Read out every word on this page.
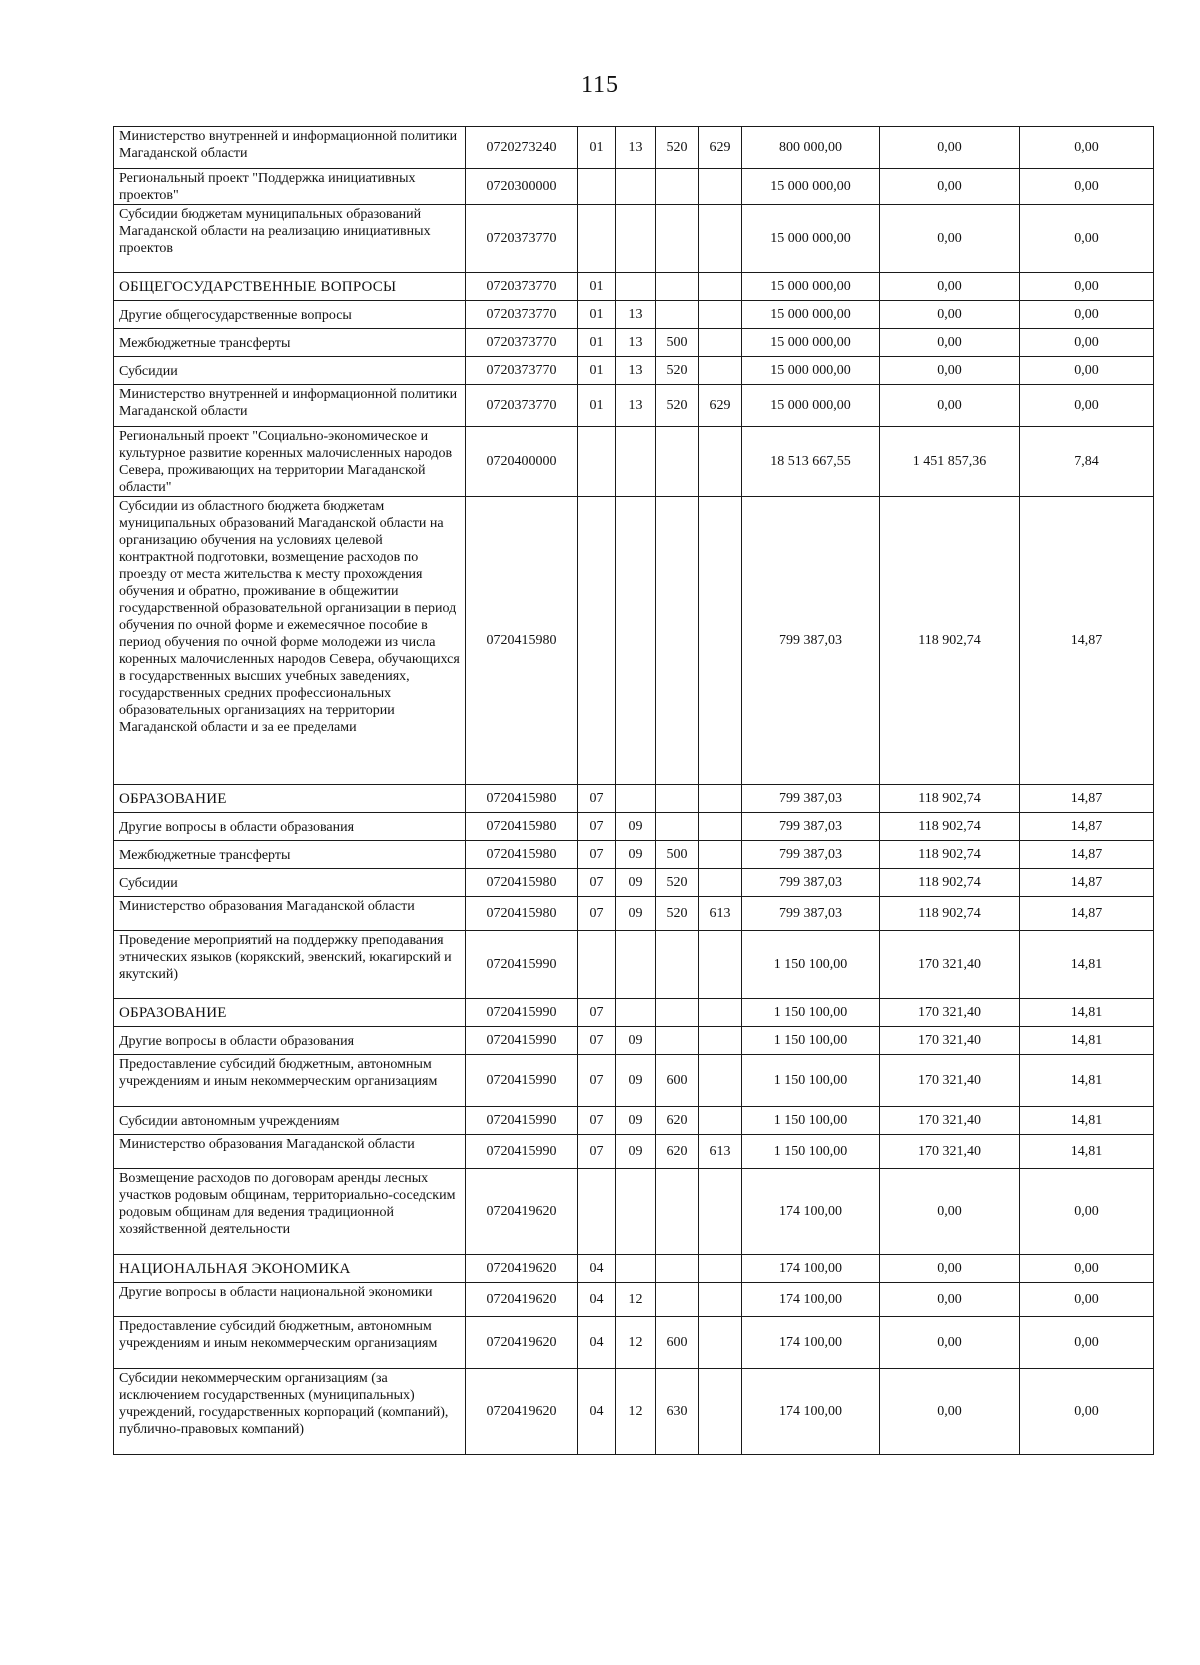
115
Министерство внутренней и информационной политики Магаданской области	0720273240	01	13	520	629	800 000,00	0,00	0,00
Региональный проект "Поддержка инициативных проектов"	0720300000					15 000 000,00	0,00	0,00
Субсидии бюджетам муниципальных образований Магаданской области на реализацию инициативных проектов	0720373770					15 000 000,00	0,00	0,00
ОБЩЕГОСУДАРСТВЕННЫЕ ВОПРОСЫ	0720373770	01				15 000 000,00	0,00	0,00
Другие общегосударственные вопросы	0720373770	01	13			15 000 000,00	0,00	0,00
Межбюджетные трансферты	0720373770	01	13	500		15 000 000,00	0,00	0,00
Субсидии	0720373770	01	13	520		15 000 000,00	0,00	0,00
Министерство внутренней и информационной политики Магаданской области	0720373770	01	13	520	629	15 000 000,00	0,00	0,00
Региональный проект "Социально-экономическое и культурное развитие коренных малочисленных народов Севера, проживающих на территории Магаданской области"	0720400000					18 513 667,55	1 451 857,36	7,84
Субсидии из областного бюджета бюджетам муниципальных образований Магаданской области на организацию обучения на условиях целевой контрактной подготовки, возмещение расходов по проезду от места жительства к месту прохождения обучения и обратно, проживание в общежитии государственной образовательной организации в период обучения по очной форме и ежемесячное пособие в период обучения по очной форме молодежи из числа коренных малочисленных народов Севера, обучающихся в государственных высших учебных заведениях, государственных средних профессиональных образовательных организациях на территории Магаданской области и за ее пределами	0720415980					799 387,03	118 902,74	14,87
ОБРАЗОВАНИЕ	0720415980	07				799 387,03	118 902,74	14,87
Другие вопросы в области образования	0720415980	07	09			799 387,03	118 902,74	14,87
Межбюджетные трансферты	0720415980	07	09	500		799 387,03	118 902,74	14,87
Субсидии	0720415980	07	09	520		799 387,03	118 902,74	14,87
Министерство образования Магаданской области	0720415980	07	09	520	613	799 387,03	118 902,74	14,87
Проведение мероприятий на поддержку преподавания этнических языков (корякский, эвенский, юкагирский и якутский)	0720415990					1 150 100,00	170 321,40	14,81
ОБРАЗОВАНИЕ	0720415990	07				1 150 100,00	170 321,40	14,81
Другие вопросы в области образования	0720415990	07	09			1 150 100,00	170 321,40	14,81
Предоставление субсидий бюджетным, автономным учреждениям и иным некоммерческим организациям	0720415990	07	09	600		1 150 100,00	170 321,40	14,81
Субсидии автономным учреждениям	0720415990	07	09	620		1 150 100,00	170 321,40	14,81
Министерство образования Магаданской области	0720415990	07	09	620	613	1 150 100,00	170 321,40	14,81
Возмещение расходов по договорам аренды лесных участков родовым общинам, территориально-соседским родовым общинам для ведения традиционной хозяйственной деятельности	0720419620					174 100,00	0,00	0,00
НАЦИОНАЛЬНАЯ ЭКОНОМИКА	0720419620	04				174 100,00	0,00	0,00
Другие вопросы в области национальной экономики	0720419620	04	12			174 100,00	0,00	0,00
Предоставление субсидий бюджетным, автономным учреждениям и иным некоммерческим организациям	0720419620	04	12	600		174 100,00	0,00	0,00
Субсидии некоммерческим организациям (за исключением государственных (муниципальных) учреждений, государственных корпораций (компаний), публично-правовых компаний)	0720419620	04	12	630		174 100,00	0,00	0,00
